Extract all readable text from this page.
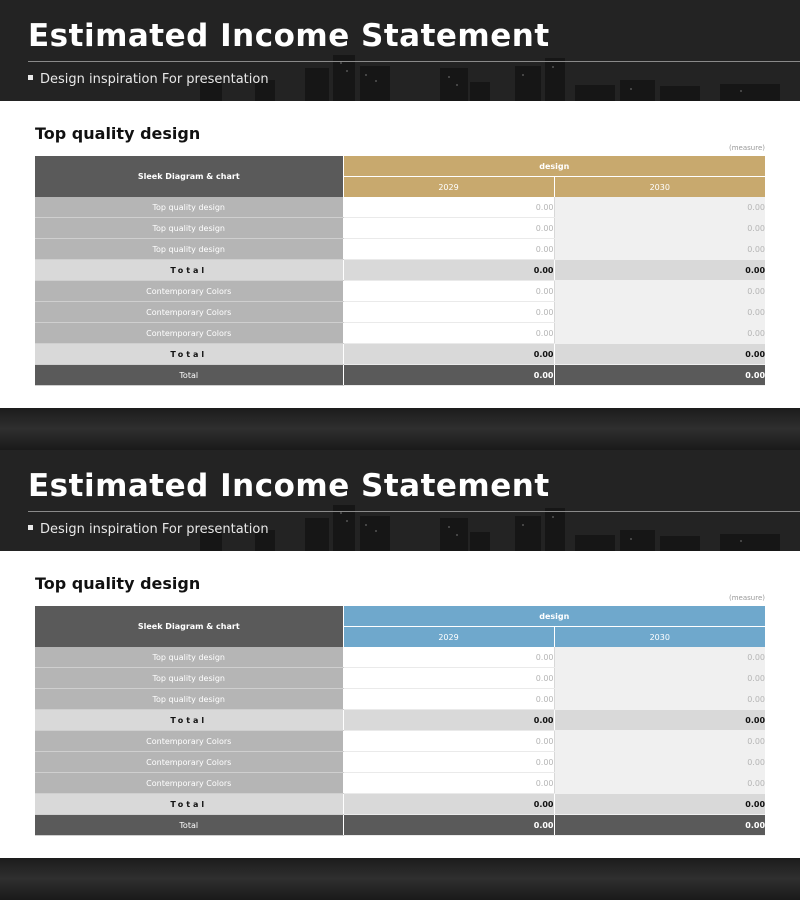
Estimated Income Statement
Design inspiration For presentation
Top quality design
(measure)
Sleek Diagram & chart	design	
	2029	2030
Top quality design	0.00	0.00
Top quality design	0.00	0.00
Top quality design	0.00	0.00
Total	0.00	0.00
Contemporary Colors	0.00	0.00
Contemporary Colors	0.00	0.00
Contemporary Colors	0.00	0.00
Total	0.00	0.00
Total	0.00	0.00
Estimated Income Statement
Design inspiration For presentation
Top quality design
(measure)
Sleek Diagram & chart	design	
	2029	2030
Top quality design	0.00	0.00
Top quality design	0.00	0.00
Top quality design	0.00	0.00
Total	0.00	0.00
Contemporary Colors	0.00	0.00
Contemporary Colors	0.00	0.00
Contemporary Colors	0.00	0.00
Total	0.00	0.00
Total	0.00	0.00
